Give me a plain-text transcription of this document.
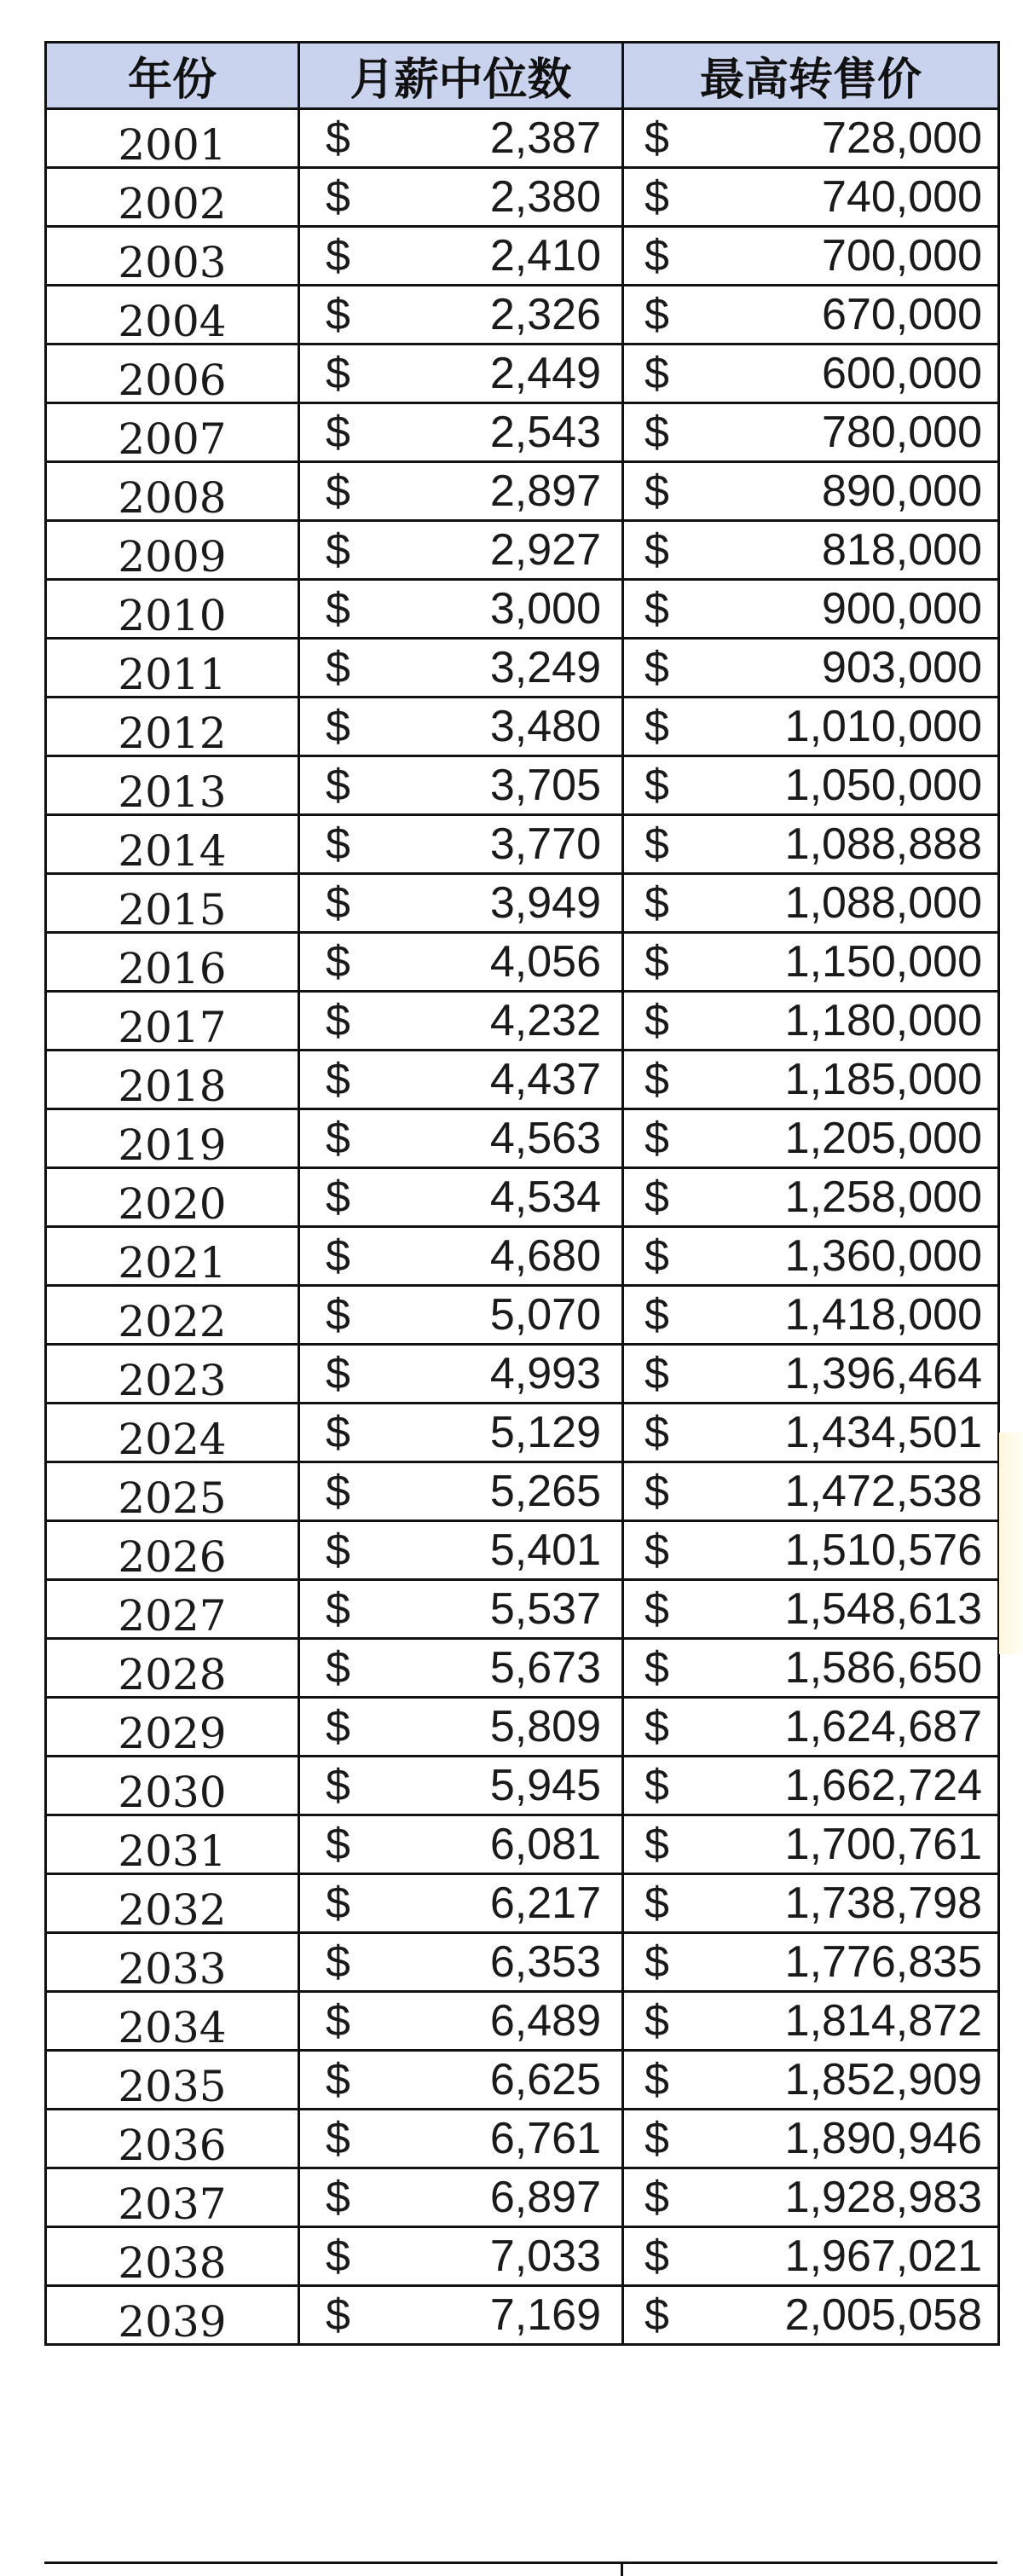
年份	月薪中位数	最高转售价
2001	$ 2,387	$ 728,000

2002	$ 2,380	$ 740,000

2003	$ 2,410	$ 700,000

2004	$ 2,326	$ 670,000

2006	$ 2,449	$ 600,000

2007	$ 2,543	$ 780,000

2008	$ 2,897	$ 890,000

2009	$ 2,927	$ 818,000

2010	$ 3,000	$ 900,000

2011	$ 3,249	$ 903,000

2012	$ 3,480	$ 1,010,000

2013	$ 3,705	$ 1,050,000

2014	$ 3,770	$ 1,088,888

2015	$ 3,949	$ 1,088,000

2016	$ 4,056	$ 1,150,000

2017	$ 4,232	$ 1,180,000

2018	$ 4,437	$ 1,185,000

2019	$ 4,563	$ 1,205,000

2020	$ 4,534	$ 1,258,000

2021	$ 4,680	$ 1,360,000

2022	$ 5,070	$ 1,418,000

2023	$ 4,993	$ 1,396,464

2024	$ 5,129	$ 1,434,501

2025	$ 5,265	$ 1,472,538

2026	$ 5,401	$ 1,510,576

2027	$ 5,537	$ 1,548,613

2028	$ 5,673	$ 1,586,650

2029	$ 5,809	$ 1,624,687

2030	$ 5,945	$ 1,662,724

2031	$ 6,081	$ 1,700,761

2032	$ 6,217	$ 1,738,798

2033	$ 6,353	$ 1,776,835

2034	$ 6,489	$ 1,814,872

2035	$ 6,625	$ 1,852,909

2036	$ 6,761	$ 1,890,946

2037	$ 6,897	$ 1,928,983

2038	$ 7,033	$ 1,967,021

2039	$ 7,169	$ 2,005,058
